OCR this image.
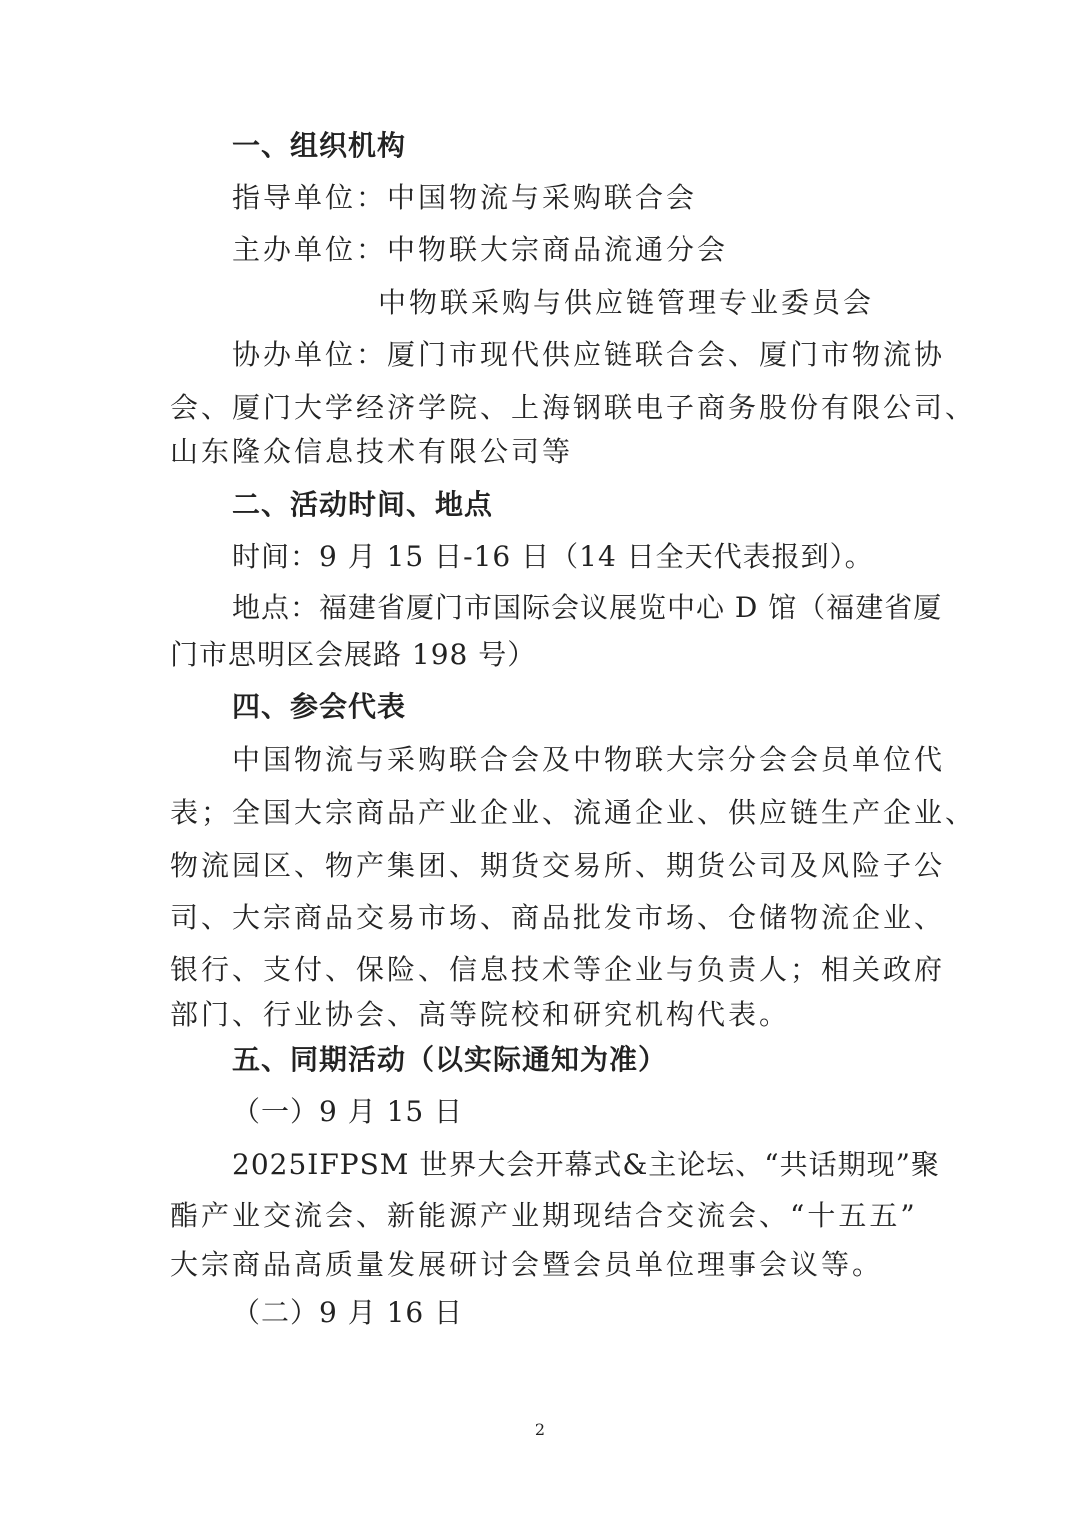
一、组织机构
指导单位：中国物流与采购联合会
主办单位：中物联大宗商品流通分会
中物联采购与供应链管理专业委员会
协办单位：厦门市现代供应链联合会、厦门市物流协
会、厦门大学经济学院、上海钢联电子商务股份有限公司、
山东隆众信息技术有限公司等
二、活动时间、地点
时间：9 月 15 日-16 日（14 日全天代表报到）。
地点：福建省厦门市国际会议展览中心 D 馆（福建省厦
门市思明区会展路 198 号）
四、参会代表
中国物流与采购联合会及中物联大宗分会会员单位代
表；全国大宗商品产业企业、流通企业、供应链生产企业、
物流园区、物产集团、期货交易所、期货公司及风险子公
司、大宗商品交易市场、商品批发市场、仓储物流企业、
银行、支付、保险、信息技术等企业与负责人；相关政府
部门、行业协会、高等院校和研究机构代表。
五、同期活动（以实际通知为准）
（一）9 月 15 日
2025IFPSM 世界大会开幕式&主论坛、“共话期现”聚
酯产业交流会、新能源产业期现结合交流会、“十五五”
大宗商品高质量发展研讨会暨会员单位理事会议等。
（二）9 月 16 日
2
